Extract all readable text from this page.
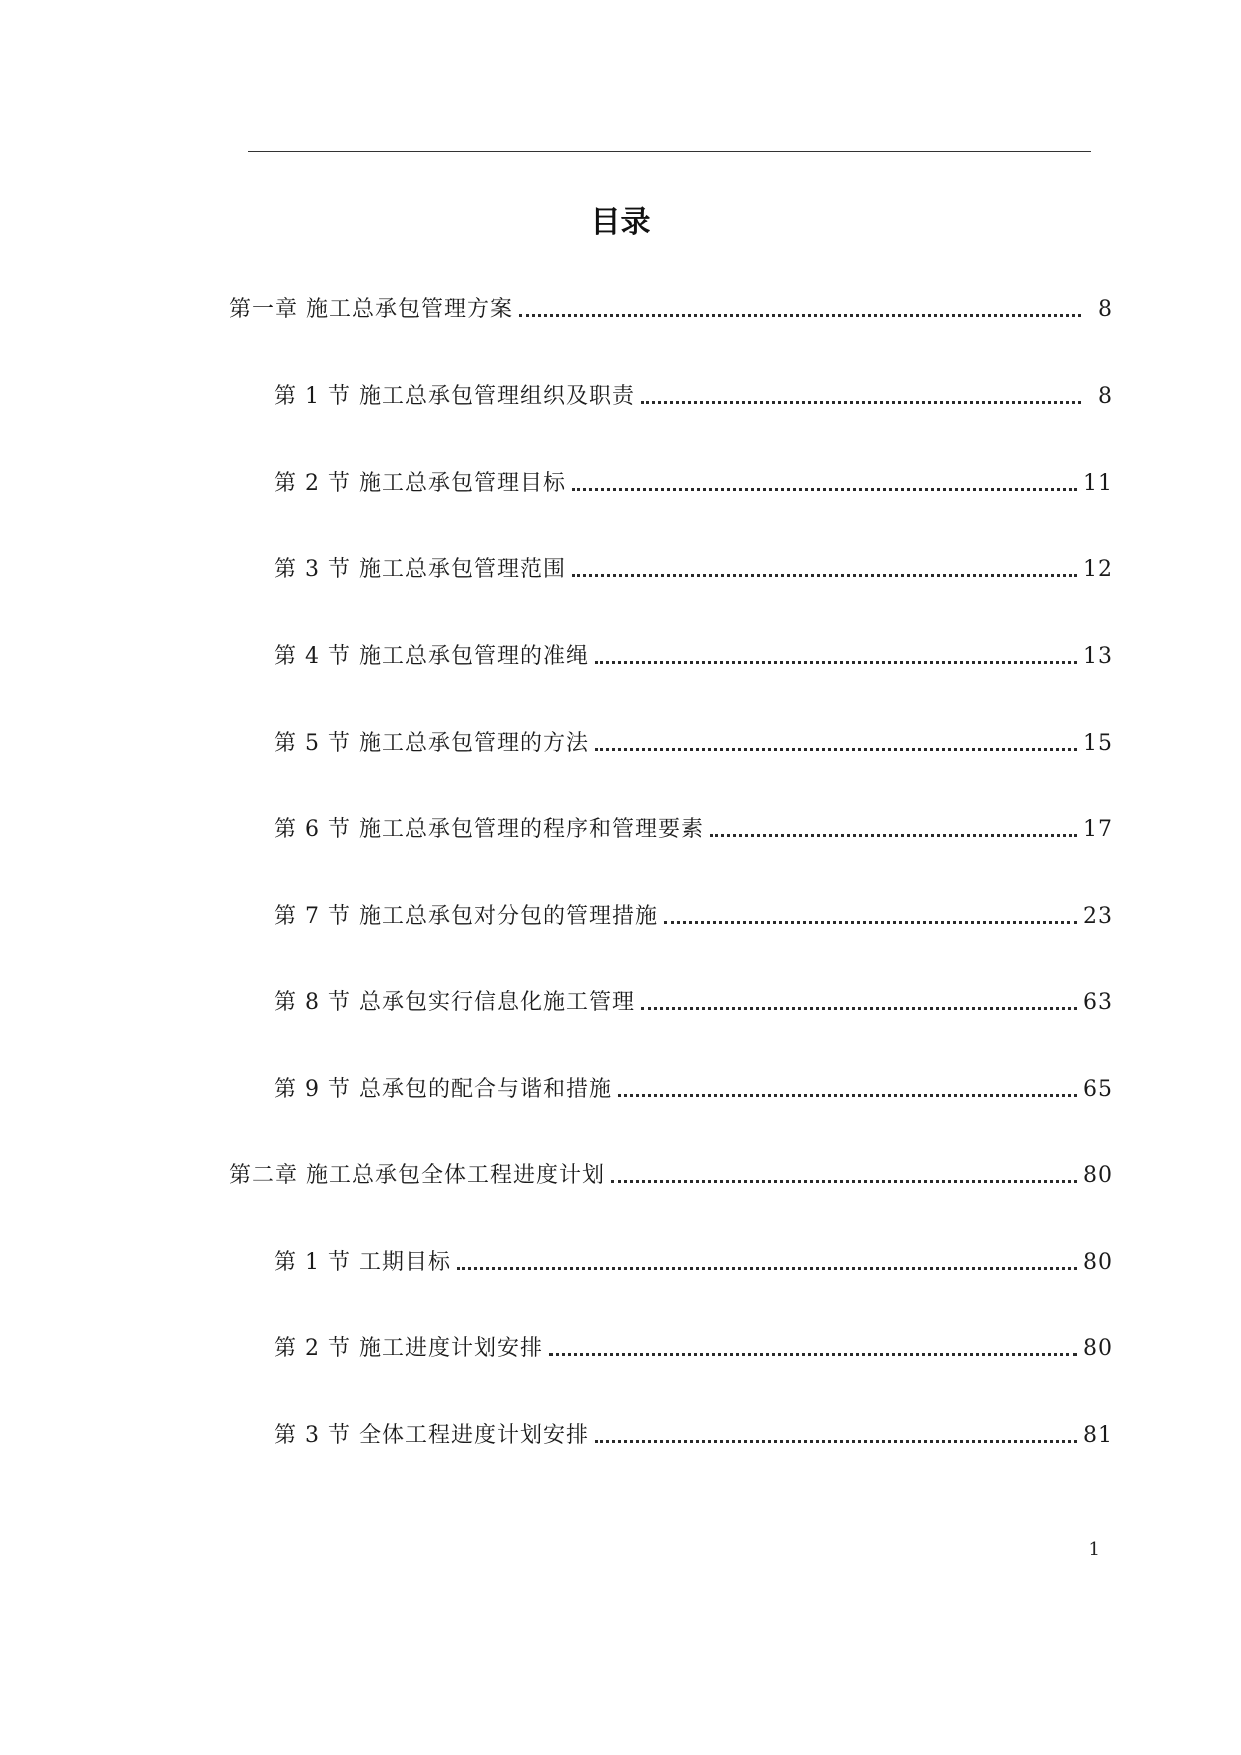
目录
第一章 施工总承包管理方案	8
第 1 节 施工总承包管理组织及职责	8
第 2 节 施工总承包管理目标	11
第 3 节 施工总承包管理范围	12
第 4 节 施工总承包管理的准绳	13
第 5 节 施工总承包管理的方法	15
第 6 节 施工总承包管理的程序和管理要素	17
第 7 节 施工总承包对分包的管理措施	23
第 8 节 总承包实行信息化施工管理	63
第 9 节 总承包的配合与谐和措施	65
第二章 施工总承包全体工程进度计划	80
第 1 节 工期目标	80
第 2 节 施工进度计划安排	80
第 3 节 全体工程进度计划安排	81
1
